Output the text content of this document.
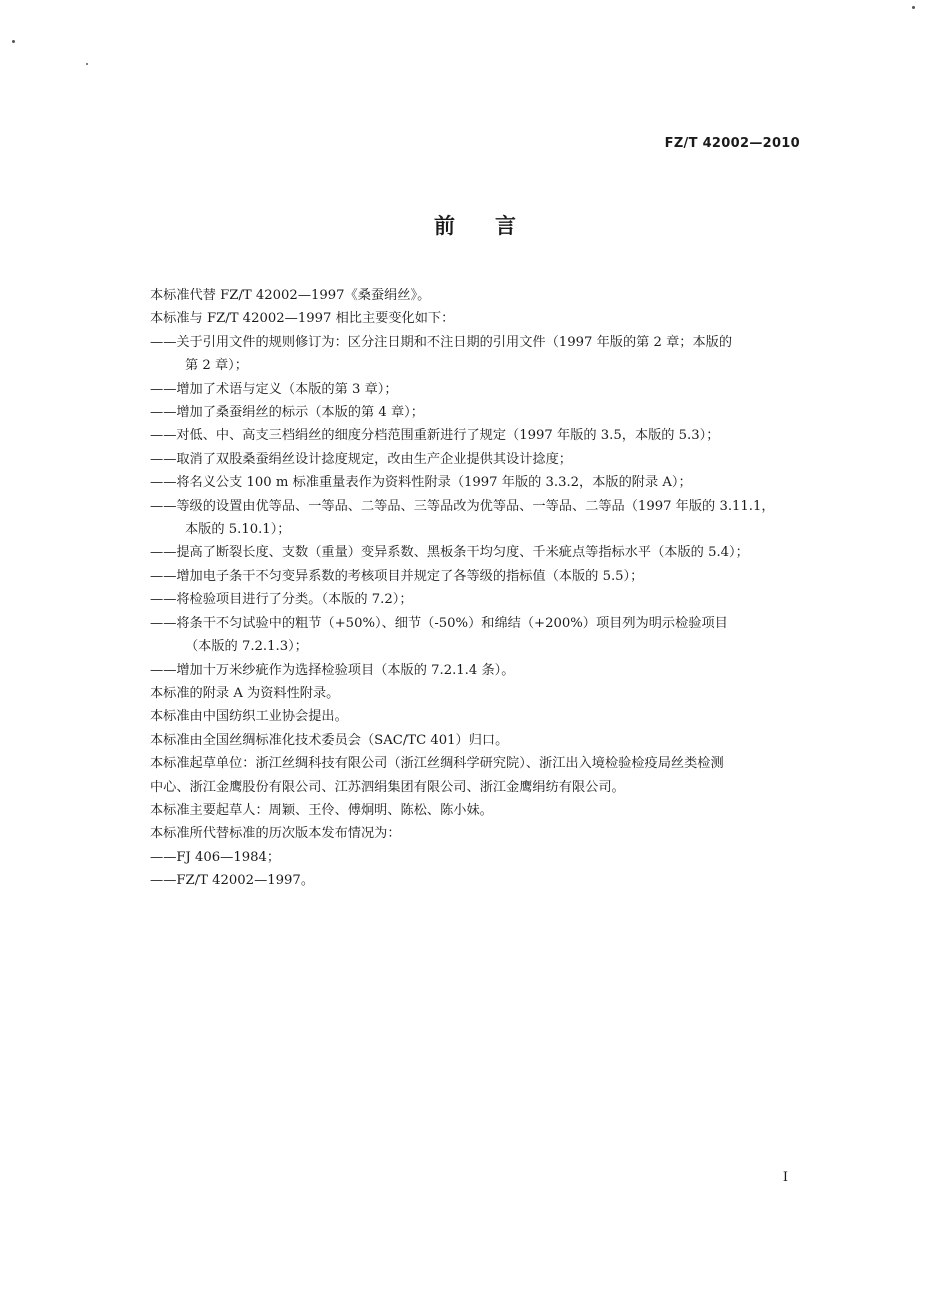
FZ/T 42002—2010
前言

本标准代替 FZ/T 42002—1997《桑蚕绢丝》。

本标准与 FZ/T 42002—1997 相比主要变化如下：

——关于引用文件的规则修订为：区分注日期和不注日期的引用文件（1997 年版的第 2 章；本版的

第 2 章）；

——增加了术语与定义（本版的第 3 章）；

——增加了桑蚕绢丝的标示（本版的第 4 章）；

——对低、中、高支三档绢丝的细度分档范围重新进行了规定（1997 年版的 3.5，本版的 5.3）；

——取消了双股桑蚕绢丝设计捻度规定，改由生产企业提供其设计捻度；

——将名义公支 100 m 标准重量表作为资料性附录（1997 年版的 3.3.2，本版的附录 A）；

——等级的设置由优等品、一等品、二等品、三等品改为优等品、一等品、二等品（1997 年版的 3.11.1，

本版的 5.10.1）；

——提高了断裂长度、支数（重量）变异系数、黑板条干均匀度、千米疵点等指标水平（本版的 5.4）；

——增加电子条干不匀变异系数的考核项目并规定了各等级的指标值（本版的 5.5）；

——将检验项目进行了分类。（本版的 7.2）；

——将条干不匀试验中的粗节（+50%）、细节（-50%）和绵结（+200%）项目列为明示检验项目

（本版的 7.2.1.3）；

——增加十万米纱疵作为选择检验项目（本版的 7.2.1.4 条）。

本标准的附录 A 为资料性附录。

本标准由中国纺织工业协会提出。

本标准由全国丝绸标准化技术委员会（SAC/TC 401）归口。

本标准起草单位：浙江丝绸科技有限公司（浙江丝绸科学研究院）、浙江出入境检验检疫局丝类检测

中心、浙江金鹰股份有限公司、江苏泗绢集团有限公司、浙江金鹰绢纺有限公司。

本标准主要起草人：周颖、王伶、傅炯明、陈松、陈小妹。

本标准所代替标准的历次版本发布情况为：

——FJ 406—1984；

——FZ/T 42002—1997。

I
